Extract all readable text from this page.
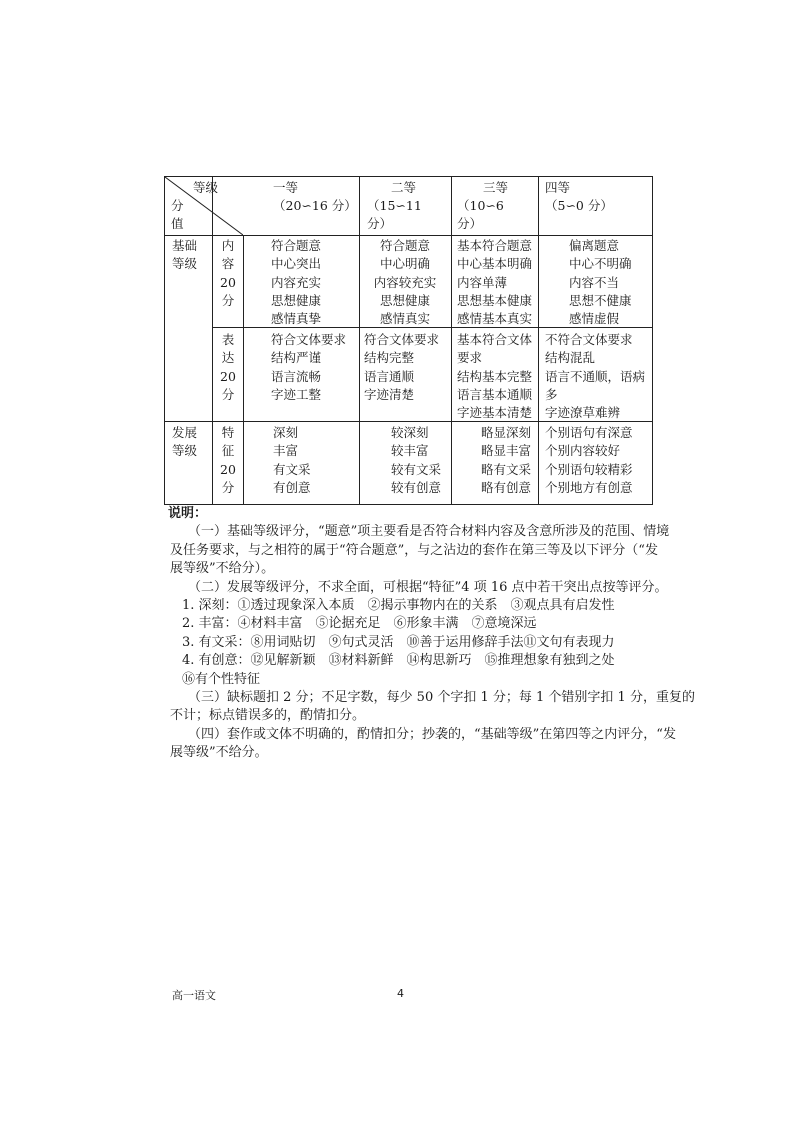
等级
分
值
一等
（20∽16 分）
二等
（15∽11
分）
三等
（10∽6
分）
四等
（5∽0 分）
基础
等级
发展
等级
内
容
20
分
表
达
20
分
特
征
20
分
符合题意
中心突出
内容充实
思想健康
感情真挚
符合题意
中心明确
内容较充实
思想健康
感情真实
基本符合题意
中心基本明确
内容单薄
思想基本健康
感情基本真实
偏离题意
中心不明确
内容不当
思想不健康
感情虚假
符合文体要求
结构严谨
语言流畅
字迹工整
符合文体要求
结构完整
语言通顺
字迹清楚
基本符合文体
要求
结构基本完整
语言基本通顺
字迹基本清楚
不符合文体要求
结构混乱
语言不通顺，语病
多
字迹潦草难辨
深刻
丰富
有文采
有创意
较深刻
较丰富
较有文采
较有创意
略显深刻
略显丰富
略有文采
略有创意
个别语句有深意
个别内容较好
个别语句较精彩
个别地方有创意

说明：

（一）基础等级评分，“题意”项主要看是否符合材料内容及含意所涉及的范围、情境

及任务要求，与之相符的属于“符合题意”，与之沾边的套作在第三等及以下评分（“发

展等级”不给分）。

（二）发展等级评分，不求全面，可根据“特征”4 项 16 点中若干突出点按等评分。

1. 深刻：①透过现象深入本质　②揭示事物内在的关系　③观点具有启发性

2. 丰富：④材料丰富　⑤论据充足　⑥形象丰满　⑦意境深远

3. 有文采：⑧用词贴切　⑨句式灵活　⑩善于运用修辞手法⑪文句有表现力

4. 有创意：⑫见解新颖　⑬材料新鲜　⑭构思新巧　⑮推理想象有独到之处

⑯有个性特征

（三）缺标题扣 2 分；不足字数，每少 50 个字扣 1 分；每 1 个错别字扣 1 分，重复的

不计；标点错误多的，酌情扣分。

（四）套作或文体不明确的，酌情扣分；抄袭的，“基础等级”在第四等之内评分，“发

展等级”不给分。

高一语文	4
